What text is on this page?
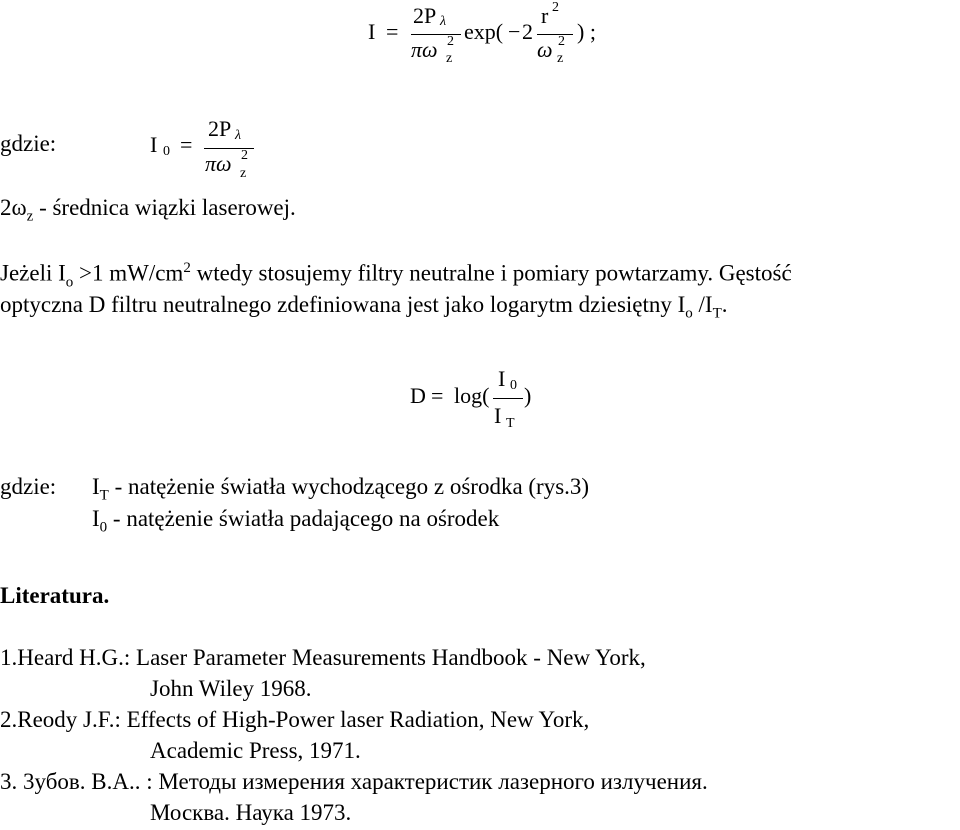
I =
2P λ
πω 2
z
exp( − 2
r 2
ω 2
z
) ;
gdzie:	I 0 =
2P λ
πω 2
z
$2\omega_z$ - średnica wiązki laserowej.
Jeżeli $I_o >1$ $mW/cm^2$ wtedy stosujemy filtry neutralne i pomiary powtarzamy. Gęstość
optyczna D filtru neutralnego zdefiniowana jest jako logarytm dziesiętny $I_o$ $/I_T$.
D = log(
I 0
I T
)
gdzie: $I_T$ - natężenie światła wychodzącego z ośrodka (rys.3)
$I_0$ - natężenie światła padającego na ośrodek
Literatura.
1.Heard H.G.: Laser Parameter Measurements Handbook - New York,
John Wiley 1968.
2.Reody J.F.: Effects of High-Power laser Radiation, New York,
Academic Press, 1971.
3. 3убов. В.А.. : Методы измерения характеристик лазерного излучения.
Москва. Наука 1973.
